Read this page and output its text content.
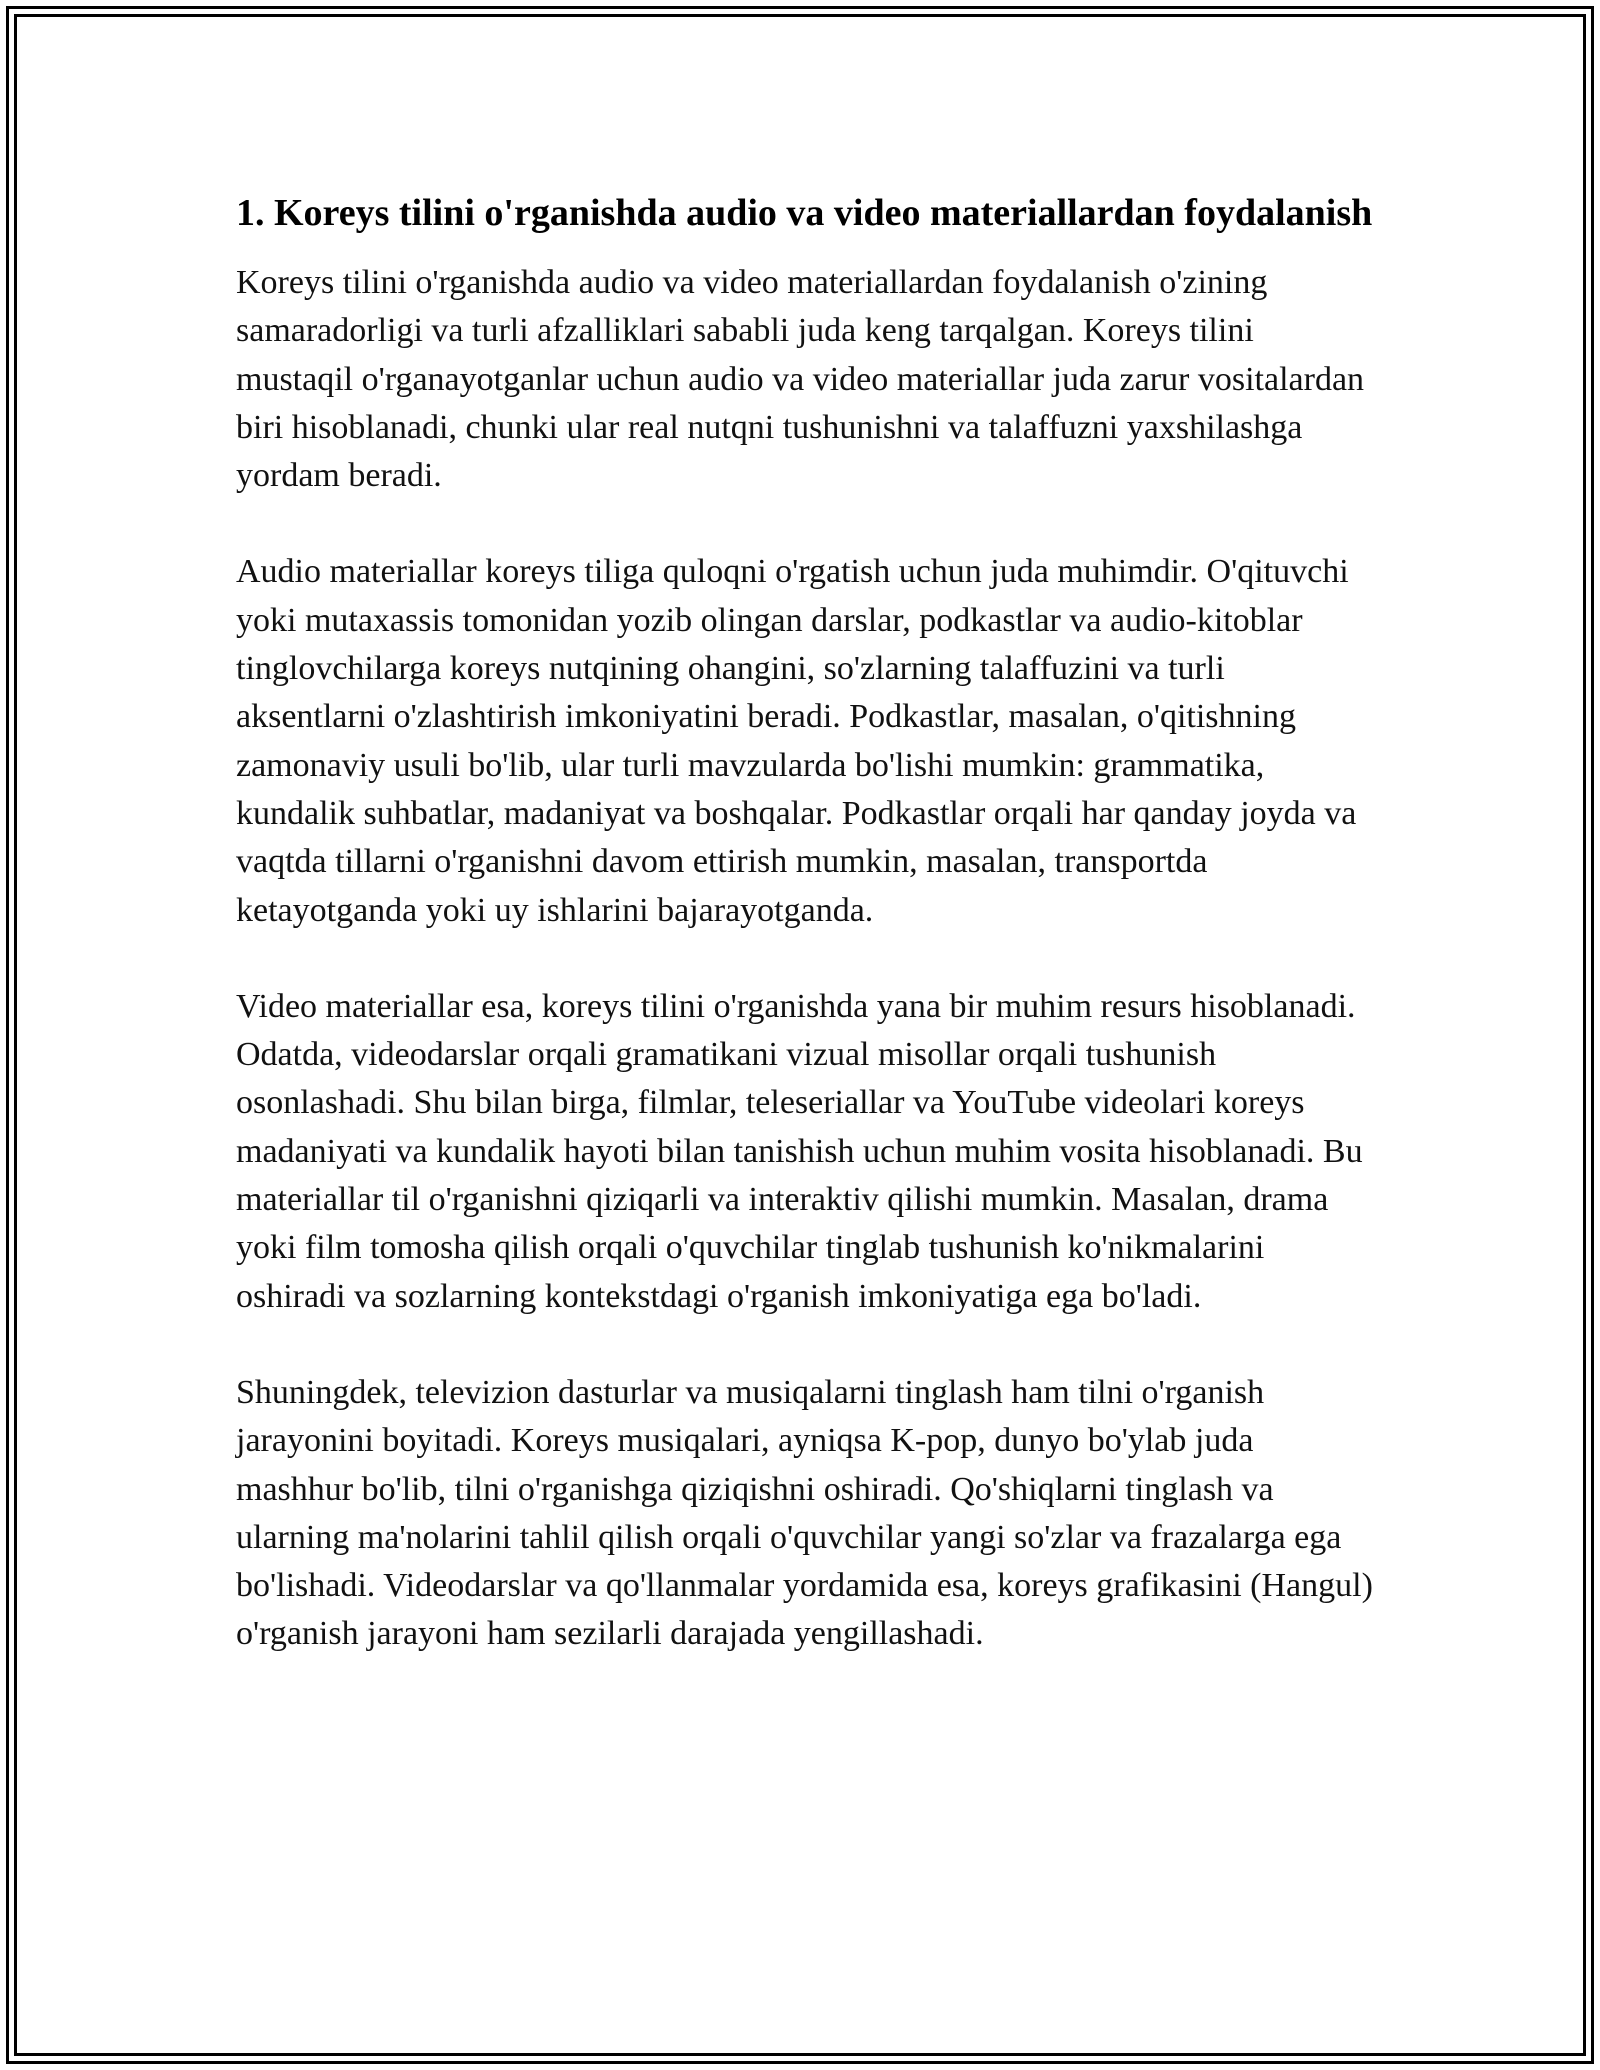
1. Koreys tilini o'rganishda audio va video materiallardan foydalanish

Koreys tilini o'rganishda audio va video materiallardan foydalanish o'zining samaradorligi va turli afzalliklari sababli juda keng tarqalgan. Koreys tilini mustaqil o'rganayotganlar uchun audio va video materiallar juda zarur vositalardan biri hisoblanadi, chunki ular real nutqni tushunishni va talaffuzni yaxshilashga yordam beradi.

Audio materiallar koreys tiliga quloqni o'rgatish uchun juda muhimdir. O'qituvchi yoki mutaxassis tomonidan yozib olingan darslar, podkastlar va audio-kitoblar tinglovchilarga koreys nutqining ohangini, so'zlarning talaffuzini va turli aksentlarni o'zlashtirish imkoniyatini beradi. Podkastlar, masalan, o'qitishning zamonaviy usuli bo'lib, ular turli mavzularda bo'lishi mumkin: grammatika, kundalik suhbatlar, madaniyat va boshqalar. Podkastlar orqali har qanday joyda va vaqtda tillarni o'rganishni davom ettirish mumkin, masalan, transportda ketayotganda yoki uy ishlarini bajarayotganda.

Video materiallar esa, koreys tilini o'rganishda yana bir muhim resurs hisoblanadi. Odatda, videodarslar orqali gramatikani vizual misollar orqali tushunish osonlashadi. Shu bilan birga, filmlar, teleseriallar va YouTube videolari koreys madaniyati va kundalik hayoti bilan tanishish uchun muhim vosita hisoblanadi. Bu materiallar til o'rganishni qiziqarli va interaktiv qilishi mumkin. Masalan, drama yoki film tomosha qilish orqali o'quvchilar tinglab tushunish ko'nikmalarini oshiradi va sozlarning kontekstdagi o'rganish imkoniyatiga ega bo'ladi.

Shuningdek, televizion dasturlar va musiqalarni tinglash ham tilni o'rganish jarayonini boyitadi. Koreys musiqalari, ayniqsa K-pop, dunyo bo'ylab juda mashhur bo'lib, tilni o'rganishga qiziqishni oshiradi. Qo'shiqlarni tinglash va ularning ma'nolarini tahlil qilish orqali o'quvchilar yangi so'zlar va frazalarga ega bo'lishadi. Videodarslar va qo'llanmalar yordamida esa, koreys grafikasini (Hangul) o'rganish jarayoni ham sezilarli darajada yengillashadi.
